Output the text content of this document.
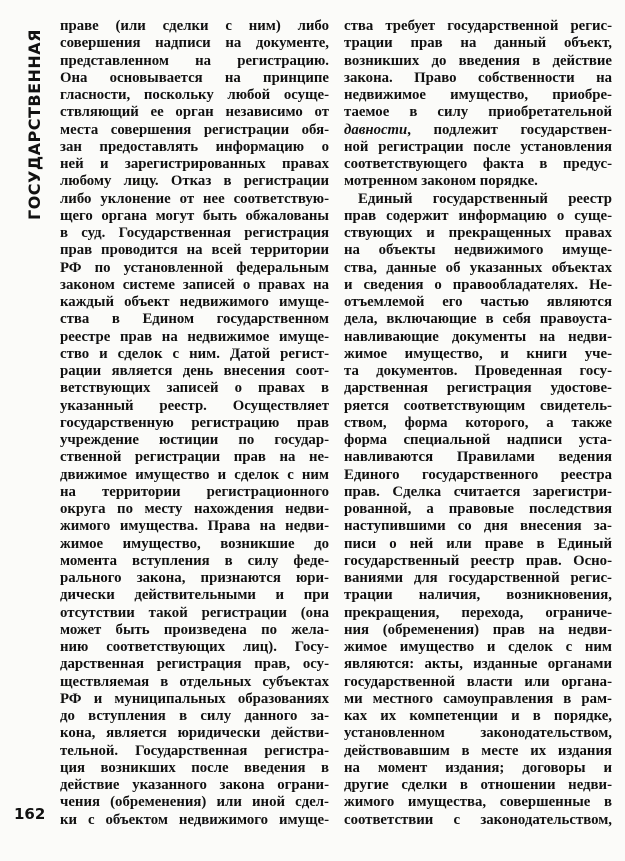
ГОСУДАРСТВЕННАЯ
праве (или сделки с ним) либо
совершения надписи на документе,
представленном на регистрацию.
Она основывается на принципе
гласности, поскольку любой осуще-
ствляющий ее орган независимо от
места совершения регистрации обя-
зан предоставлять информацию о
ней и зарегистрированных правах
любому лицу. Отказ в регистрации
либо уклонение от нее соответствую-
щего органа могут быть обжалованы
в суд. Государственная регистрация
прав проводится на всей территории
РФ по установленной федеральным
законом системе записей о правах на
каждый объект недвижимого имуще-
ства в Едином государственном
реестре прав на недвижимое имуще-
ство и сделок с ним. Датой регист-
рации является день внесения соот-
ветствующих записей о правах в
указанный реестр. Осуществляет
государственную регистрацию прав
учреждение юстиции по государ-
ственной регистрации прав на не-
движимое имущество и сделок с ним
на территории регистрационного
округа по месту нахождения недви-
жимого имущества. Права на недви-
жимое имущество, возникшие до
момента вступления в силу феде-
рального закона, признаются юри-
дически действительными и при
отсутствии такой регистрации (она
может быть произведена по жела-
нию соответствующих лиц). Госу-
дарственная регистрация прав, осу-
ществляемая в отдельных субъектах
РФ и муниципальных образованиях
до вступления в силу данного за-
кона, является юридически действи-
тельной. Государственная регистра-
ция возникших после введения в
действие указанного закона ограни-
чения (обременения) или иной сдел-
ки с объектом недвижимого имуще-
ства требует государственной регис-
трации прав на данный объект,
возникших до введения в действие
закона. Право собственности на
недвижимое имущество, приобре-
таемое в силу приобретательной
давности, подлежит государствен-
ной регистрации после установления
соответствующего факта в предус-
мотренном законом порядке.
Единый государственный реестр
прав содержит информацию о суще-
ствующих и прекращенных правах
на объекты недвижимого имуще-
ства, данные об указанных объектах
и сведения о правообладателях. Не-
отъемлемой его частью являются
дела, включающие в себя правоуста-
навливающие документы на недви-
жимое имущество, и книги уче-
та документов. Проведенная госу-
дарственная регистрация удостове-
ряется соответствующим свидетель-
ством, форма которого, а также
форма специальной надписи уста-
навливаются Правилами ведения
Единого государственного реестра
прав. Сделка считается зарегистри-
рованной, а правовые последствия
наступившими со дня внесения за-
писи о ней или праве в Единый
государственный реестр прав. Осно-
ваниями для государственной регис-
трации наличия, возникновения,
прекращения, перехода, ограниче-
ния (обременения) прав на недви-
жимое имущество и сделок с ним
являются: акты, изданные органами
государственной власти или органа-
ми местного самоуправления в рам-
ках их компетенции и в порядке,
установленном законодательством,
действовавшим в месте их издания
на момент издания; договоры и
другие сделки в отношении недви-
жимого имущества, совершенные в
соответствии с законодательством,
162
